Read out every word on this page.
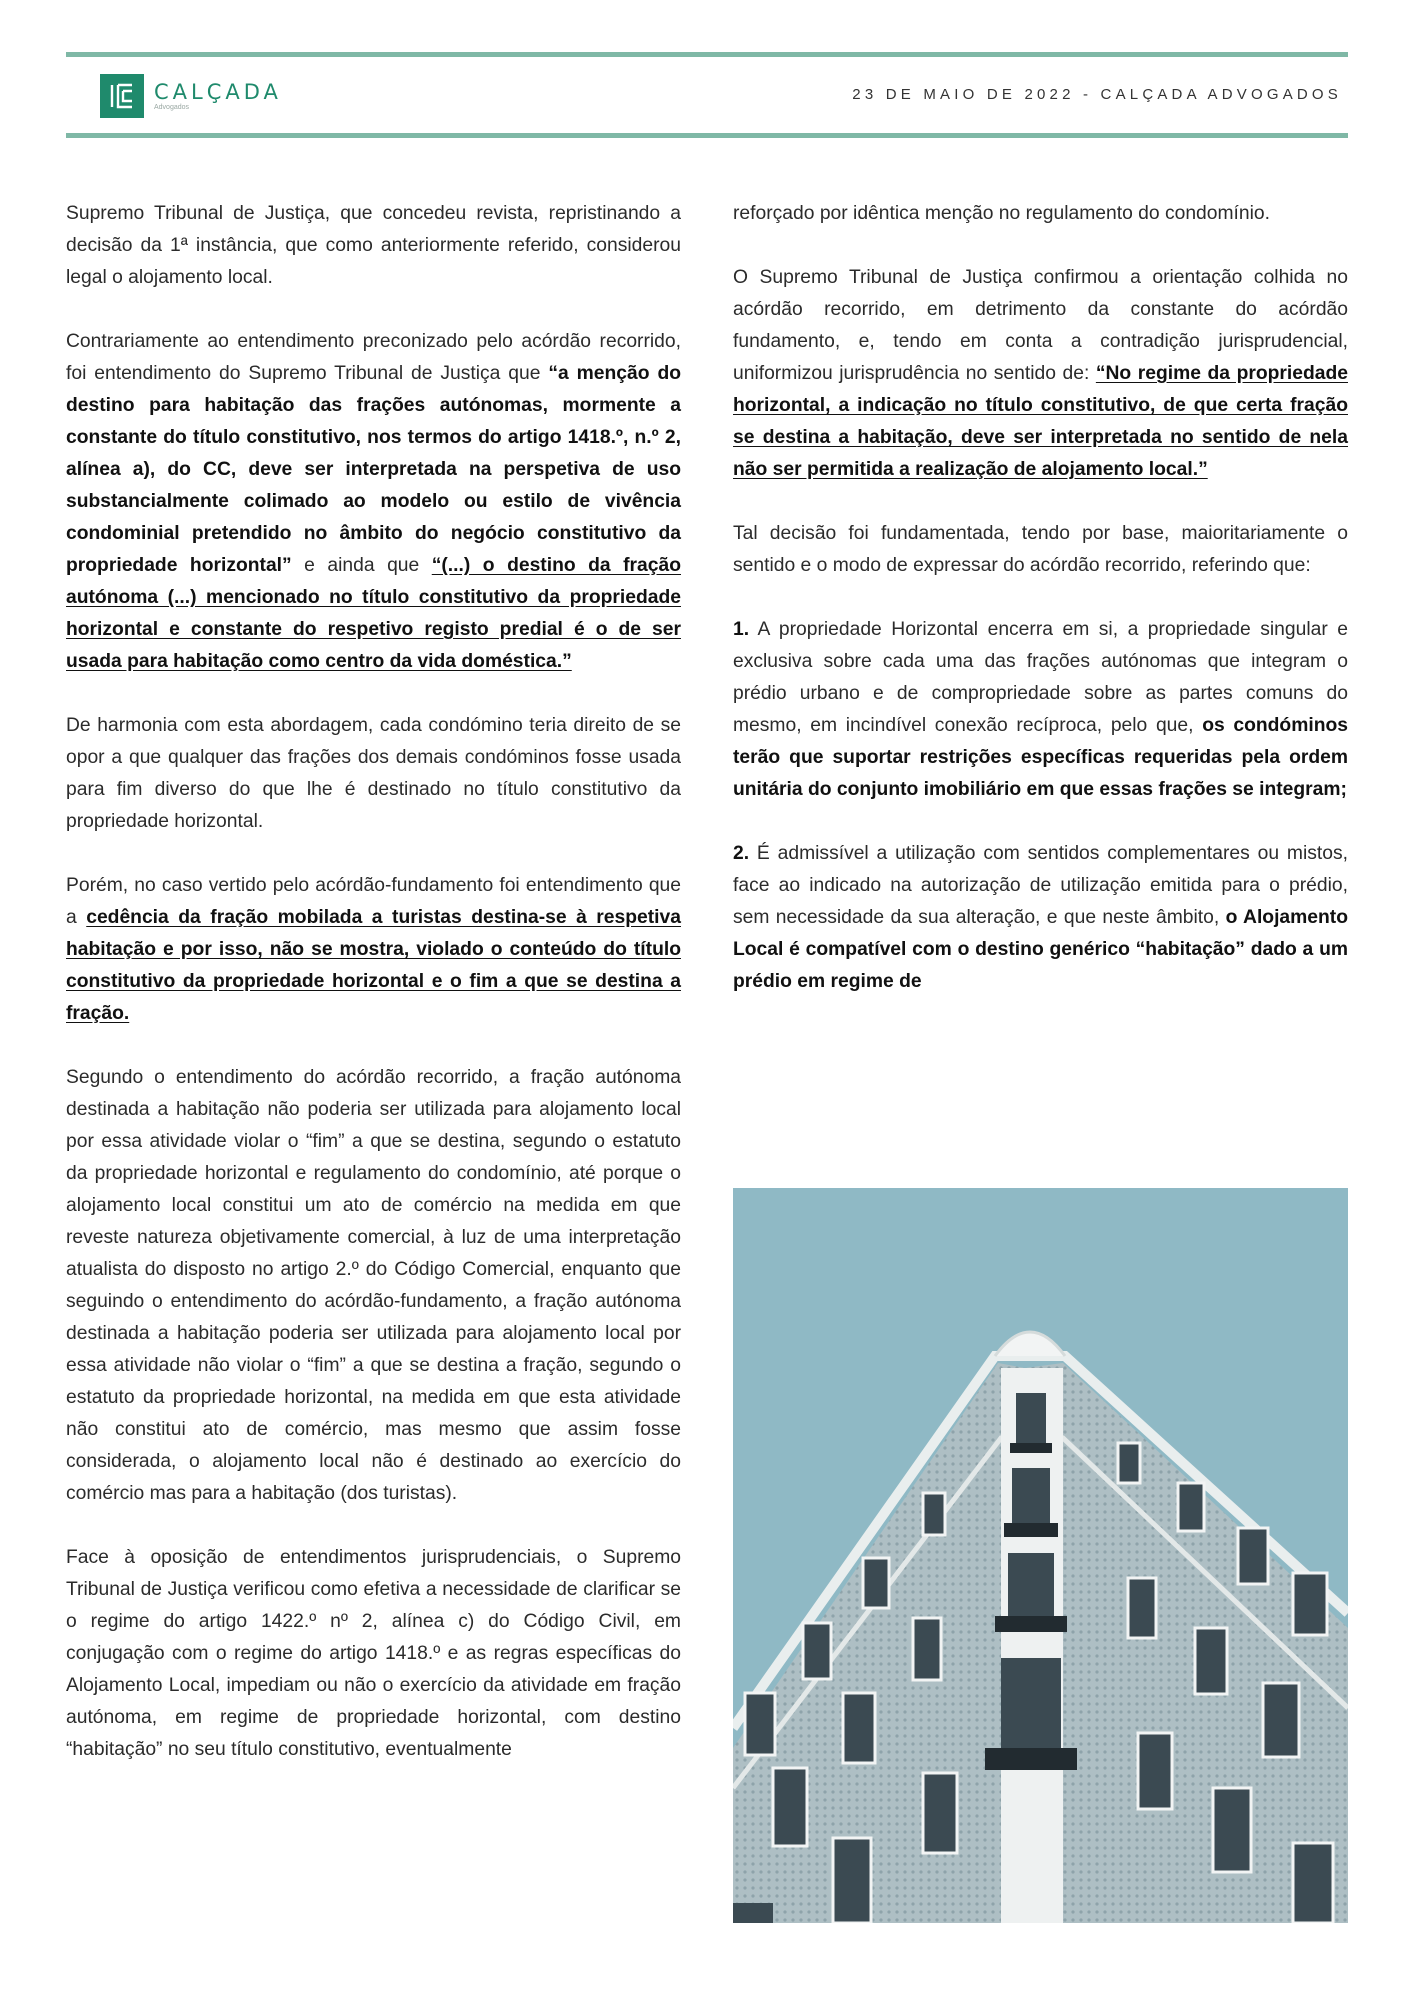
CALÇADA
Advogados
23 DE MAIO DE 2022 - CALÇADA ADVOGADOS

Supremo Tribunal de Justiça, que concedeu revista, repristinando a decisão da 1ª instância, que como anteriormente referido, considerou legal o alojamento local.

Contrariamente ao entendimento preconizado pelo acórdão recorrido, foi entendimento do Supremo Tribunal de Justiça que “a menção do destino para habitação das frações autónomas, mormente a constante do título constitutivo, nos termos do artigo 1418.º, n.º 2, alínea a), do CC, deve ser interpretada na perspetiva de uso substancialmente colimado ao modelo ou estilo de vivência condominial pretendido no âmbito do negócio constitutivo da propriedade horizontal” e ainda que “(...) o destino da fração autónoma (...) mencionado no título constitutivo da propriedade horizontal e constante do respetivo registo predial é o de ser usada para habitação como centro da vida doméstica.”

De harmonia com esta abordagem, cada condómino teria direito de se opor a que qualquer das frações dos demais condóminos fosse usada para fim diverso do que lhe é destinado no título constitutivo da propriedade horizontal.

Porém, no caso vertido pelo acórdão-fundamento foi entendimento que a cedência da fração mobilada a turistas destina-se à respetiva habitação e por isso, não se mostra, violado o conteúdo do título constitutivo da propriedade horizontal e o fim a que se destina a fração.

Segundo o entendimento do acórdão recorrido, a fração autónoma destinada a habitação não poderia ser utilizada para alojamento local por essa atividade violar o “fim” a que se destina, segundo o estatuto da propriedade horizontal e regulamento do condomínio, até porque o alojamento local constitui um ato de comércio na medida em que reveste natureza objetivamente comercial, à luz de uma interpretação atualista do disposto no artigo 2.º do Código Comercial, enquanto que seguindo o entendimento do acórdão-fundamento, a fração autónoma destinada a habitação poderia ser utilizada para alojamento local por essa atividade não violar o “fim” a que se destina a fração, segundo o estatuto da propriedade horizontal, na medida em que esta atividade não constitui ato de comércio, mas mesmo que assim fosse considerada, o alojamento local não é destinado ao exercício do comércio mas para a habitação (dos turistas).

Face à oposição de entendimentos jurisprudenciais, o Supremo Tribunal de Justiça verificou como efetiva a necessidade de clarificar se o regime do artigo 1422.º nº 2, alínea c) do Código Civil, em conjugação com o regime do artigo 1418.º e as regras específicas do Alojamento Local, impediam ou não o exercício da atividade em fração autónoma, em regime de propriedade horizontal, com destino “habitação” no seu título constitutivo, eventualmente

reforçado por idêntica menção no regulamento do condomínio.

O Supremo Tribunal de Justiça confirmou a orientação colhida no acórdão recorrido, em detrimento da constante do acórdão fundamento, e, tendo em conta a contradição jurisprudencial, uniformizou jurisprudência no sentido de: “No regime da propriedade horizontal, a indicação no título constitutivo, de que certa fração se destina a habitação, deve ser interpretada no sentido de nela não ser permitida a realização de alojamento local.”

Tal decisão foi fundamentada, tendo por base, maioritariamente o sentido e o modo de expressar do acórdão recorrido, referindo que:

1. A propriedade Horizontal encerra em si, a propriedade singular e exclusiva sobre cada uma das frações autónomas que integram o prédio urbano e de compropriedade sobre as partes comuns do mesmo, em incindível conexão recíproca, pelo que, os condóminos terão que suportar restrições específicas requeridas pela ordem unitária do conjunto imobiliário em que essas frações se integram;

2. É admissível a utilização com sentidos complementares ou mistos, face ao indicado na autorização de utilização emitida para o prédio, sem necessidade da sua alteração, e que neste âmbito, o Alojamento Local é compatível com o destino genérico “habitação” dado a um prédio em regime de
